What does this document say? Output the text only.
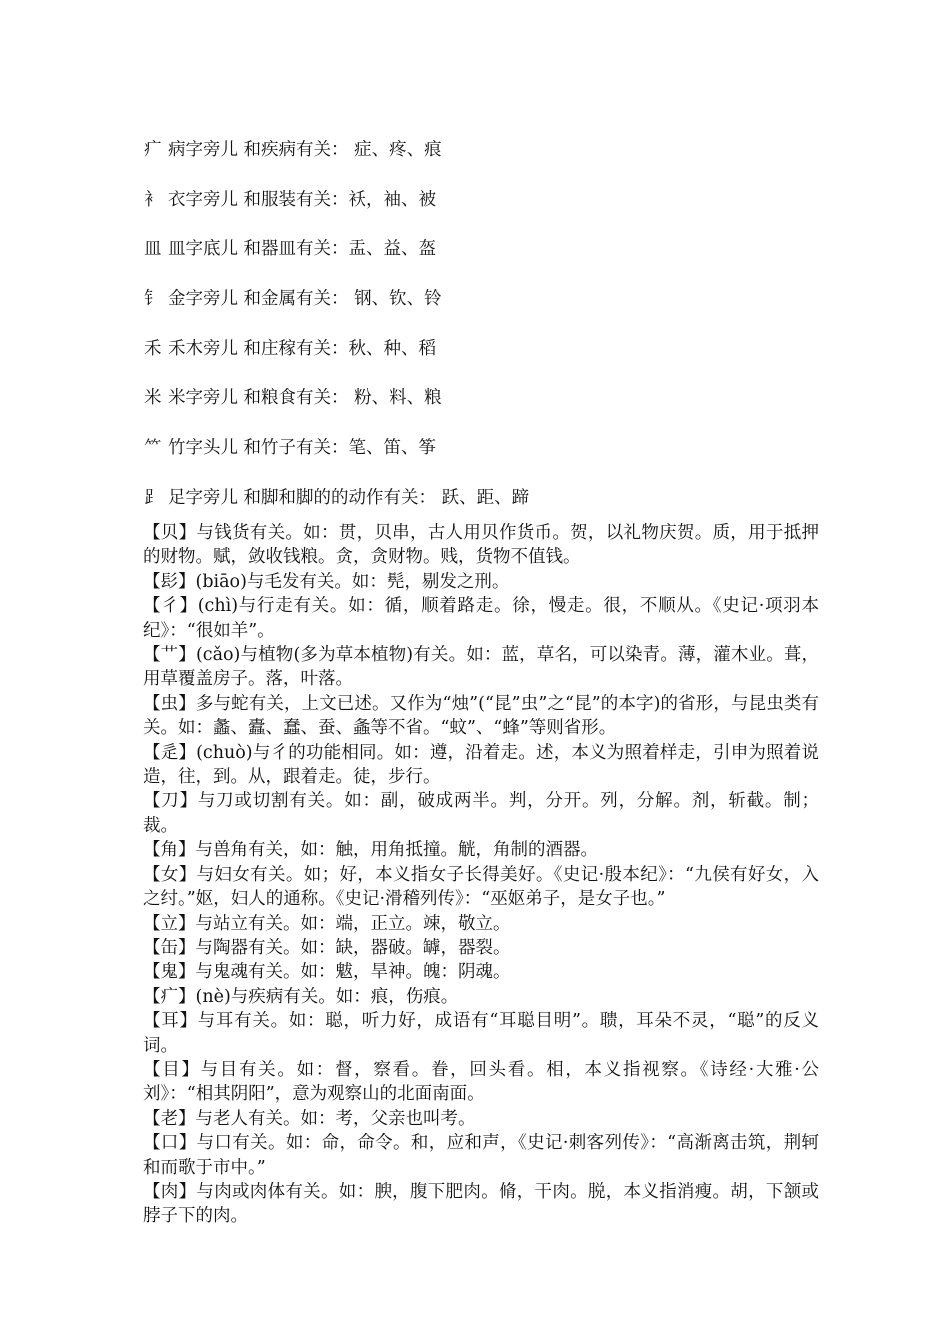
疒 病字旁儿 和疾病有关： 症、疼、痕
衤 衣字旁儿 和服装有关：袄，袖、被
皿 皿字底儿 和器皿有关：盂、益、盔
钅 金字旁儿 和金属有关： 钢、钦、铃
禾 禾木旁儿 和庄稼有关：秋、种、稻
米 米字旁儿 和粮食有关： 粉、料、粮
⺮ 竹字头儿 和竹子有关：笔、笛、筝
⻊ 足字旁儿 和脚和脚的的动作有关： 跃、距、蹄

【贝】与钱货有关。如：贯，贝串，古人用贝作货币。贺，以礼物庆贺。质，用于抵押的财物。赋，敛收钱粮。贪，贪财物。贱，货物不值钱。

【髟】(biāo)与毛发有关。如：髡，剔发之刑。

【彳】(chì)与行走有关。如：循，顺着路走。徐，慢走。很，不顺从。《史记·项羽本纪》：“很如羊”。

【艹】(cǎo)与植物(多为草本植物)有关。如：蓝，草名，可以染青。薄，灌木业。葺，用草覆盖房子。落，叶落。

【虫】多与蛇有关，上文已述。又作为“烛”(“昆”虫”之“昆”的本字)的省形，与昆虫类有关。如：蠡、蠹、蠢、蚕、螽等不省。“蚊”、“蜂”等则省形。

【辵】(chuò)与彳的功能相同。如：遵，沿着走。述，本义为照着样走，引申为照着说造，往，到。从，跟着走。徒，步行。

【刀】与刀或切割有关。如：副，破成两半。判，分开。列，分解。剂，斩截。制；裁。

【角】与兽角有关，如：触，用角抵撞。觥，角制的酒器。

【女】与妇女有关。如；好，本义指女子长得美好。《史记·殷本纪》：“九侯有好女，入之纣。”妪，妇人的通称。《史记·滑稽列传》：“巫妪弟子，是女子也。”

【立】与站立有关。如：端，正立。竦，敬立。

【缶】与陶器有关。如：缺，器破。罅，器裂。

【鬼】与鬼魂有关。如：魃，旱神。魄：阴魂。

【疒】(nè)与疾病有关。如：痕，伤痕。

【耳】与耳有关。如：聪，听力好，成语有“耳聪目明”。聩，耳朵不灵，“聪”的反义词。

【目】与目有关。如：督，察看。眷，回头看。相，本义指视察。《诗经·大雅·公刘》：“相其阴阳”，意为观察山的北面南面。

【老】与老人有关。如：考，父亲也叫考。

【口】与口有关。如：命，命令。和，应和声，《史记·刺客列传》：“高渐离击筑，荆轲和而歌于市中。”

【肉】与肉或肉体有关。如：腴，腹下肥肉。脩，干肉。脱，本义指消瘦。胡，下颔或脖子下的肉。
